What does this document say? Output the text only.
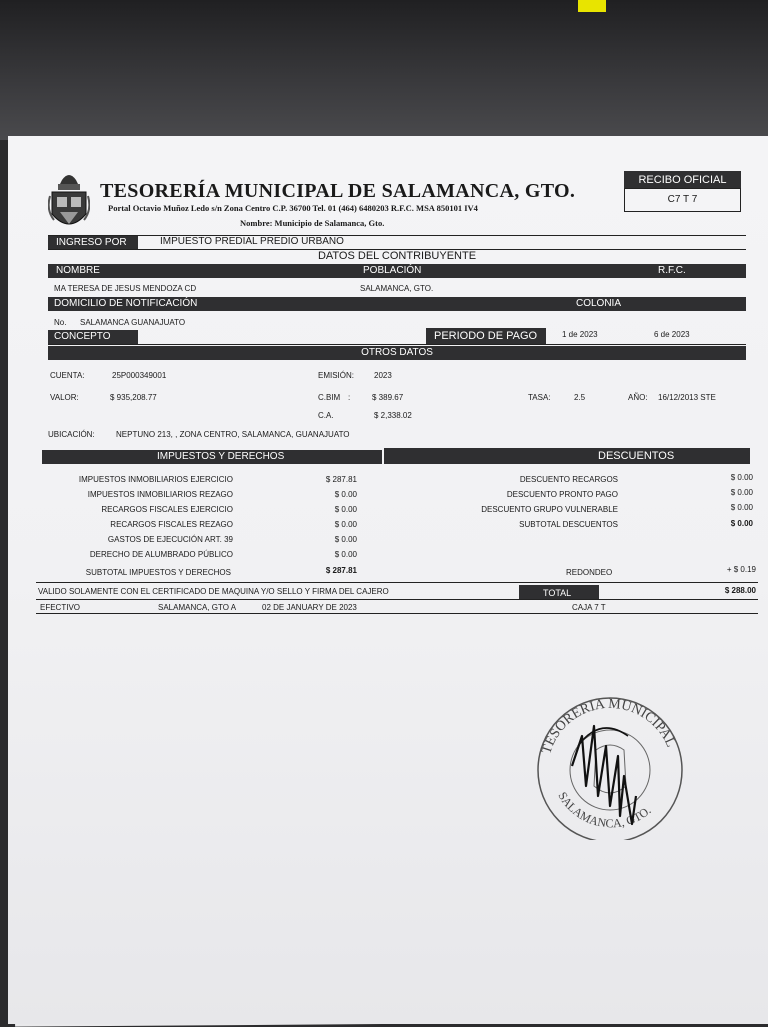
TESORERÍA MUNICIPAL DE SALAMANCA, GTO.
Portal Octavio Muñoz Ledo s/n Zona Centro C.P. 36700 Tel. 01 (464) 6480203 R.F.C. MSA 850101 IV4
Nombre: Municipio de Salamanca, Gto.
RECIBO OFICIAL
C7 T 7
INGRESO POR	IMPUESTO PREDIAL PREDIO URBANO
DATOS DEL CONTRIBUYENTE
NOMBRE	POBLACIÓN	R.F.C.
MA TERESA DE JESUS MENDOZA CD	SALAMANCA, GTO.
DOMICILIO DE NOTIFICACIÓN	COLONIA
No. SALAMANCA GUANAJUATO
CONCEPTO	PERIODO DE PAGO	1 de 2023	6 de 2023
OTROS DATOS
CUENTA:	25P000349001	EMISIÓN: 2023
VALOR:	$ 935,208.77	C.BIM :	$ 389.67
C.A.	$ 2,338.02
TASA:	2.5	AÑO: 16/12/2013 STE
UBICACIÓN:	NEPTUNO 213, , ZONA CENTRO, SALAMANCA, GUANAJUATO
IMPUESTOS Y DERECHOS	DESCUENTOS
IMPUESTOS INMOBILIARIOS EJERCICIO	$ 287.81
IMPUESTOS INMOBILIARIOS REZAGO	$ 0.00
RECARGOS FISCALES EJERCICIO	$ 0.00
RECARGOS FISCALES REZAGO	$ 0.00
GASTOS DE EJECUCIÓN ART. 39	$ 0.00
DERECHO DE ALUMBRADO PÚBLICO	$ 0.00
SUBTOTAL IMPUESTOS Y DERECHOS	$ 287.81
DESCUENTO RECARGOS	$ 0.00
DESCUENTO PRONTO PAGO	$ 0.00
DESCUENTO GRUPO VULNERABLE	$ 0.00
SUBTOTAL DESCUENTOS	$ 0.00
REDONDEO	+ $ 0.19
VALIDO SOLAMENTE CON EL CERTIFICADO DE MAQUINA Y/O SELLO Y FIRMA DEL CAJERO	TOTAL	$ 288.00
EFECTIVO	SALAMANCA, GTO A	02 DE JANUARY DE 2023	CAJA 7 T
TESORERIA MUNICIPAL
SALAMANCA, GTO.
